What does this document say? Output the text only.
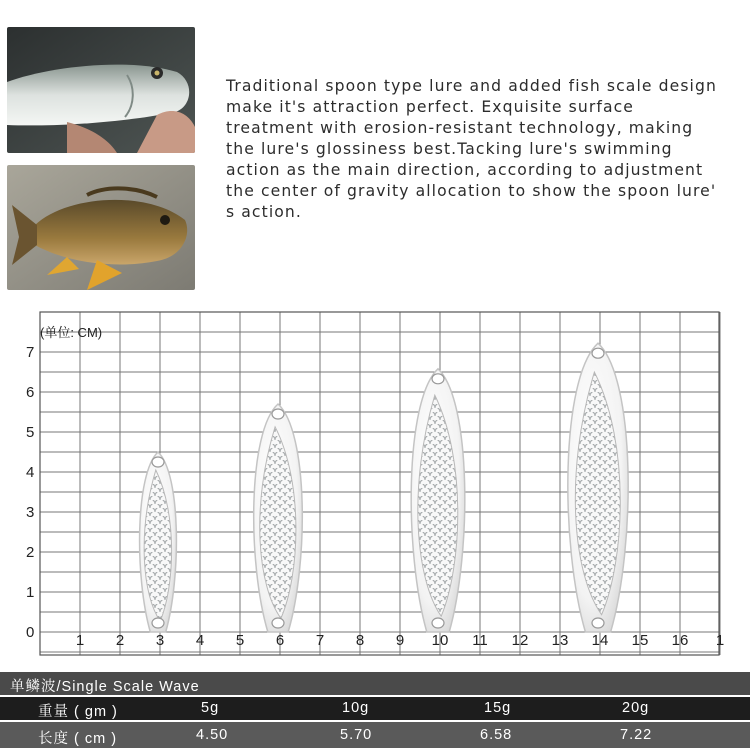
Traditional spoon type lure and added fish scale design make it's attraction perfect. Exquisite surface treatment with erosion-resistant technology, making the lure's glossiness best.Tacking lure's swimming action as the main direction, according to adjustment the center of gravity allocation to show the spoon lure' s action.

0
1
2
3
4
5
6
7
1 2 3 4 5 6 7 8 9 10 11 12 13 14 15 16 1
(单位: CM)
单鳞波/Single Scale Wave
重量 ( gm )	5g	10g	15g	20g
长度 ( cm )	4.50	5.70	6.58	7.22
